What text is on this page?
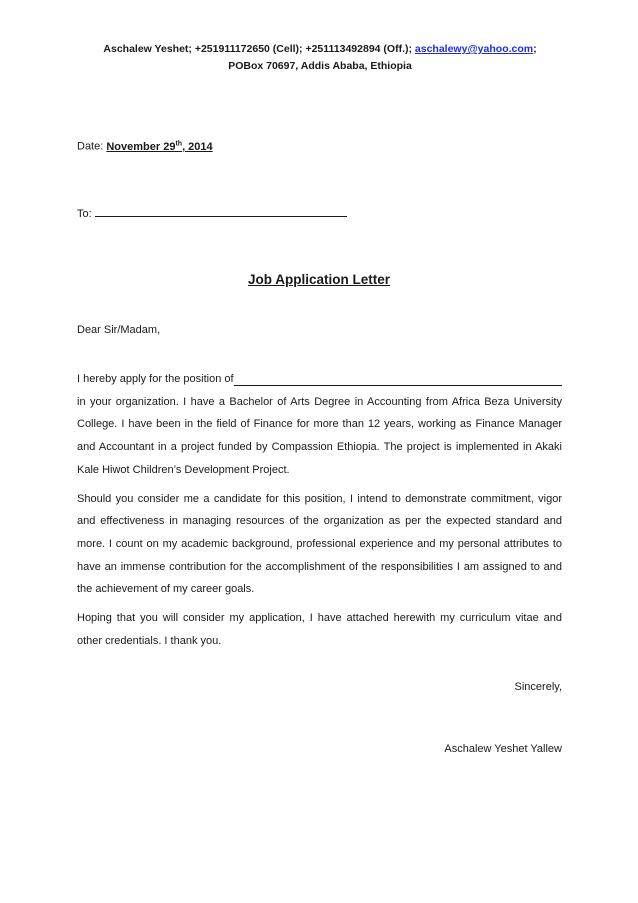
Aschalew Yeshet; +251911172650 (Cell); +251113492894 (Off.); aschalewy@yahoo.com;
POBox 70697, Addis Ababa, Ethiopia
Date: November 29th, 2014
To:
Job Application Letter
Dear Sir/Madam,

I hereby apply for the position of
in your organization. I have a Bachelor of Arts Degree in Accounting from Africa Beza University College. I have been in the field of Finance for more than 12 years, working as Finance Manager and Accountant in a project funded by Compassion Ethiopia. The project is implemented in Akaki Kale Hiwot Children’s Development Project.

Should you consider me a candidate for this position, I intend to demonstrate commitment, vigor and effectiveness in managing resources of the organization as per the expected standard and more. I count on my academic background, professional experience and my personal attributes to have an immense contribution for the accomplishment of the responsibilities I am assigned to and the achievement of my career goals.

Hoping that you will consider my application, I have attached herewith my curriculum vitae and other credentials. I thank you.

Sincerely,
Aschalew Yeshet Yallew
